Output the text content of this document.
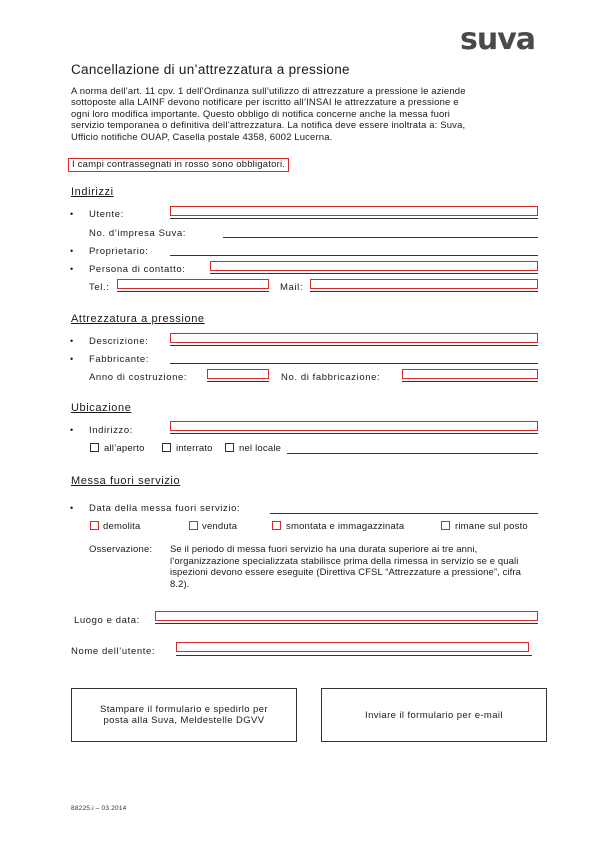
suva
Cancellazione di un’attrezzatura a pressione
A norma dell’art. 11 cpv. 1 dell’Ordinanza sull’utilizzo di attrezzature a pressione le aziende sottoposte alla LAINF devono notificare per iscritto all’INSAI le attrezzature a pressione e ogni loro modifica importante. Questo obbligo di notifica concerne anche la messa fuori servizio temporanea o definitiva dell’attrezzatura. La notifica deve essere inoltrata a: Suva, Ufficio notifiche OUAP, Casella postale 4358, 6002 Lucerna.
I campi contrassegnati in rosso sono obbligatori.
Indirizzi
• Utente:
No. d’impresa Suva:
• Proprietario:
• Persona di contatto:
Tel.:	Mail:
Attrezzatura a pressione
• Descrizione:
• Fabbricante:
Anno di costruzione:	No. di fabbricazione:
Ubicazione
• Indirizzo:
all’aperto	interrato	nel locale
Messa fuori servizio
• Data della messa fuori servizio:
demolita	venduta	smontata e immagazzinata	rimane sul posto
Osservazione: Se il periodo di messa fuori servizio ha una durata superiore ai tre anni, l’organizzazione specializzata stabilisce prima della rimessa in servizio se e quali ispezioni devono essere eseguite (Direttiva CFSL “Attrezzature a pressione”, cifra 8.2).
Luogo e data:
Nome dell’utente:
Stampare il formulario e spedirlo per posta alla Suva, Meldestelle DGVV	Inviare il formulario per e-mail
88225.i – 03.2014
